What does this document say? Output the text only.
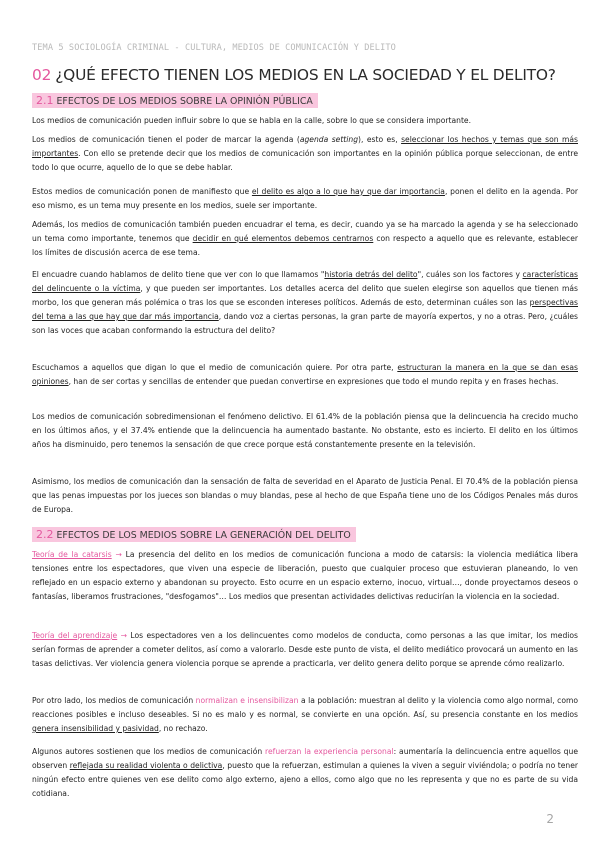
TEMA 5 SOCIOLOGÍA CRIMINAL - CULTURA, MEDIOS DE COMUNICACIÓN Y DELITO
02 ¿QUÉ EFECTO TIENEN LOS MEDIOS EN LA SOCIEDAD Y EL DELITO?
2.1 EFECTOS DE LOS MEDIOS SOBRE LA OPINIÓN PÚBLICA

Los medios de comunicación pueden influir sobre lo que se habla en la calle, sobre lo que se considera importante.

Los medios de comunicación tienen el poder de marcar la agenda (agenda setting), esto es, seleccionar los hechos y temas que son más importantes. Con ello se pretende decir que los medios de comunicación son importantes en la opinión pública porque seleccionan, de entre todo lo que ocurre, aquello de lo que se debe hablar.

Estos medios de comunicación ponen de manifiesto que el delito es algo a lo que hay que dar importancia, ponen el delito en la agenda. Por eso mismo, es un tema muy presente en los medios, suele ser importante.

Además, los medios de comunicación también pueden encuadrar el tema, es decir, cuando ya se ha marcado la agenda y se ha seleccionado un tema como importante, tenemos que decidir en qué elementos debemos centrarnos con respecto a aquello que es relevante, establecer los límites de discusión acerca de ese tema.

El encuadre cuando hablamos de delito tiene que ver con lo que llamamos "historia detrás del delito", cuáles son los factores y características del delincuente o la víctima, y que pueden ser importantes. Los detalles acerca del delito que suelen elegirse son aquellos que tienen más morbo, los que generan más polémica o tras los que se esconden intereses políticos. Además de esto, determinan cuáles son las perspectivas del tema a las que hay que dar más importancia, dando voz a ciertas personas, la gran parte de mayoría expertos, y no a otras. Pero, ¿cuáles son las voces que acaban conformando la estructura del delito?

Escuchamos a aquellos que digan lo que el medio de comunicación quiere. Por otra parte, estructuran la manera en la que se dan esas opiniones, han de ser cortas y sencillas de entender que puedan convertirse en expresiones que todo el mundo repita y en frases hechas.

Los medios de comunicación sobredimensionan el fenómeno delictivo. El 61.4% de la población piensa que la delincuencia ha crecido mucho en los últimos años, y el 37.4% entiende que la delincuencia ha aumentado bastante. No obstante, esto es incierto. El delito en los últimos años ha disminuido, pero tenemos la sensación de que crece porque está constantemente presente en la televisión.

Asimismo, los medios de comunicación dan la sensación de falta de severidad en el Aparato de Justicia Penal. El 70.4% de la población piensa que las penas impuestas por los jueces son blandas o muy blandas, pese al hecho de que España tiene uno de los Códigos Penales más duros de Europa.

2.2 EFECTOS DE LOS MEDIOS SOBRE LA GENERACIÓN DEL DELITO

Teoría de la catarsis → La presencia del delito en los medios de comunicación funciona a modo de catarsis: la violencia mediática libera tensiones entre los espectadores, que viven una especie de liberación, puesto que cualquier proceso que estuvieran planeando, lo ven reflejado en un espacio externo y abandonan su proyecto. Esto ocurre en un espacio externo, inocuo, virtual…, donde proyectamos deseos o fantasías, liberamos frustraciones, "desfogamos"… Los medios que presentan actividades delictivas reducirían la violencia en la sociedad.

Teoría del aprendizaje → Los espectadores ven a los delincuentes como modelos de conducta, como personas a las que imitar, los medios serían formas de aprender a cometer delitos, así como a valorarlo. Desde este punto de vista, el delito mediático provocará un aumento en las tasas delictivas. Ver violencia genera violencia porque se aprende a practicarla, ver delito genera delito porque se aprende cómo realizarlo.

Por otro lado, los medios de comunicación normalizan e insensibilizan a la población: muestran al delito y la violencia como algo normal, como reacciones posibles e incluso deseables. Si no es malo y es normal, se convierte en una opción. Así, su presencia constante en los medios genera insensibilidad y pasividad, no rechazo.

Algunos autores sostienen que los medios de comunicación refuerzan la experiencia personal: aumentaría la delincuencia entre aquellos que observen reflejada su realidad violenta o delictiva, puesto que la refuerzan, estimulan a quienes la viven a seguir viviéndola; o podría no tener ningún efecto entre quienes ven ese delito como algo externo, ajeno a ellos, como algo que no les representa y que no es parte de su vida cotidiana.

2
